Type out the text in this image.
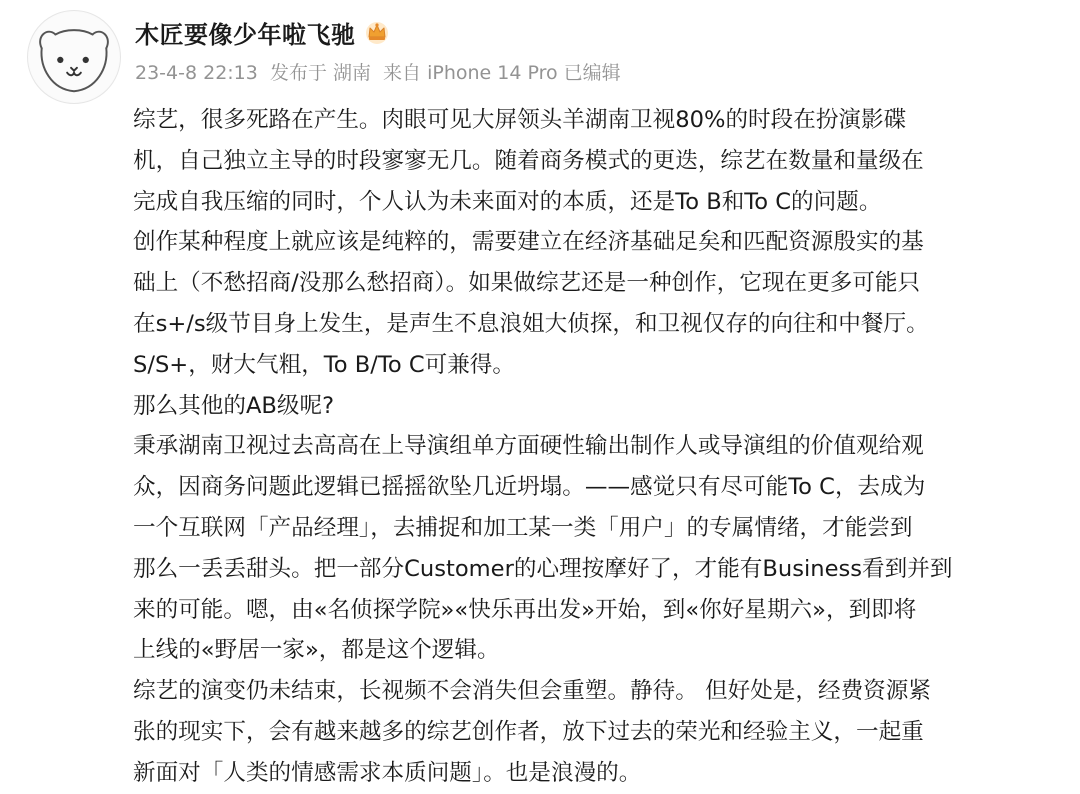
木匠要像少年啦飞驰
23-4-8 22:13  发布于 湖南  来自 iPhone 14 Pro 已编辑

综艺，很多死路在产生。肉眼可见大屏领头羊湖南卫视80%的时段在扮演影碟

机，自己独立主导的时段寥寥无几。随着商务模式的更迭，综艺在数量和量级在

完成自我压缩的同时，个人认为未来面对的本质，还是To B和To C的问题。

创作某种程度上就应该是纯粹的，需要建立在经济基础足矣和匹配资源殷实的基

础上（不愁招商/没那么愁招商）。如果做综艺还是一种创作，它现在更多可能只

在s+/s级节目身上发生，是声生不息浪姐大侦探，和卫视仅存的向往和中餐厅。

S/S+，财大气粗，To B/To C可兼得。

那么其他的AB级呢?

秉承湖南卫视过去高高在上导演组单方面硬性输出制作人或导演组的价值观给观

众，因商务问题此逻辑已摇摇欲坠几近坍塌。——感觉只有尽可能To C，去成为

一个互联网「产品经理」，去捕捉和加工某一类「用户」的专属情绪，才能尝到

那么一丢丢甜头。把一部分Customer的心理按摩好了，才能有Business看到并到

来的可能。嗯，由«名侦探学院»«快乐再出发»开始，到«你好星期六»，到即将

上线的«野居一家»，都是这个逻辑。

综艺的演变仍未结束，长视频不会消失但会重塑。静待。 但好处是，经费资源紧

张的现实下，会有越来越多的综艺创作者，放下过去的荣光和经验主义，一起重

新面对「人类的情感需求本质问题」。也是浪漫的。
